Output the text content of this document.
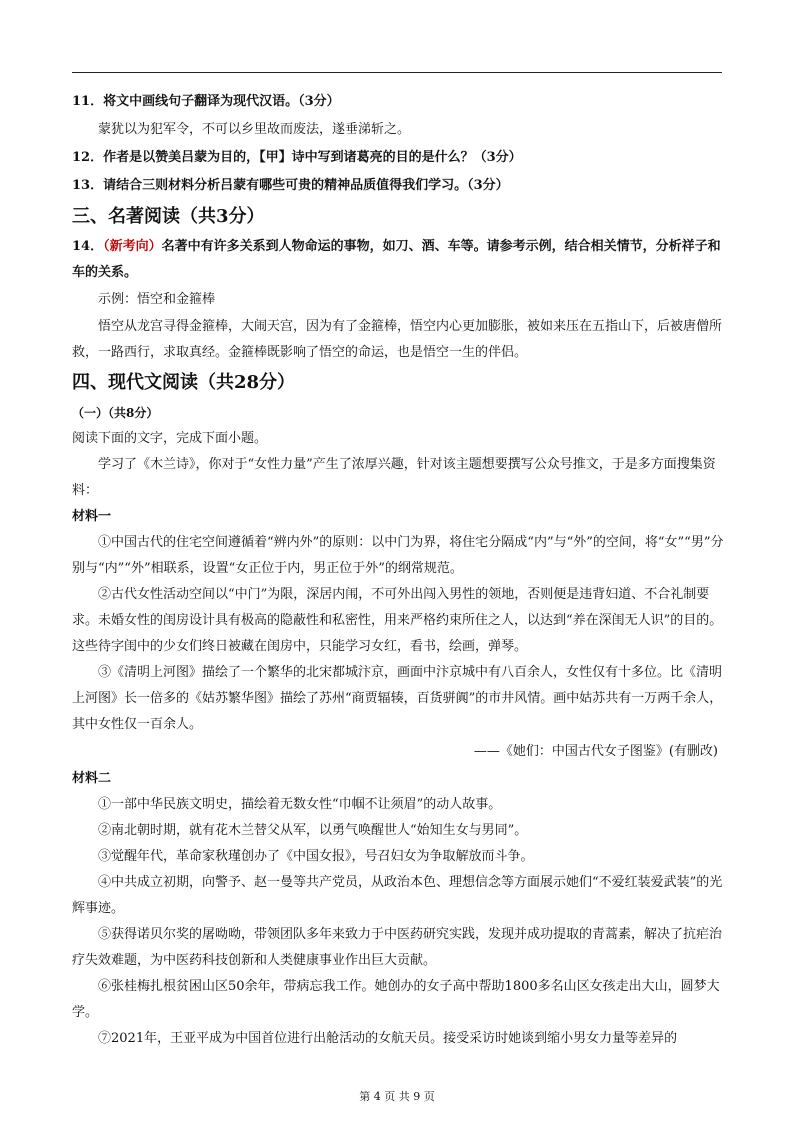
11．将文中画线句子翻译为现代汉语。（3分）

蒙犹以为犯军令，不可以乡里故而废法，遂垂涕斩之。

12．作者是以赞美吕蒙为目的，【甲】诗中写到诸葛亮的目的是什么？（3分）

13．请结合三则材料分析吕蒙有哪些可贵的精神品质值得我们学习。（3分）

三、名著阅读（共3分）

14．（新考向）名著中有许多关系到人物命运的事物，如刀、酒、车等。请参考示例，结合相关情节，分析祥子和车的关系。

示例：悟空和金箍棒

悟空从龙宫寻得金箍棒，大闹天宫，因为有了金箍棒，悟空内心更加膨胀，被如来压在五指山下，后被唐僧所救，一路西行，求取真经。金箍棒既影响了悟空的命运，也是悟空一生的伴侣。

四、现代文阅读（共28分）

（一）（共8分）

阅读下面的文字，完成下面小题。

学习了《木兰诗》，你对于“女性力量”产生了浓厚兴趣，针对该主题想要撰写公众号推文，于是多方面搜集资料：

材料一

①中国古代的住宅空间遵循着“辨内外”的原则：以中门为界，将住宅分隔成“内”与“外”的空间，将“女”“男”分别与“内”“外”相联系，设置“女正位于内，男正位于外”的纲常规范。

②古代女性活动空间以“中门”为限，深居内闱，不可外出闯入男性的领地，否则便是违背妇道、不合礼制要求。未婚女性的闺房设计具有极高的隐蔽性和私密性，用来严格约束所住之人，以达到“养在深闺无人识”的目的。这些待字闺中的少女们终日被藏在闺房中，只能学习女红，看书，绘画，弹琴。

③《清明上河图》描绘了一个繁华的北宋都城汴京，画面中汴京城中有八百余人，女性仅有十多位。比《清明上河图》长一倍多的《姑苏繁华图》描绘了苏州“商贾辐辏，百货骈阗”的市井风情。画中姑苏共有一万两千余人，其中女性仅一百余人。

——《她们：中国古代女子图鉴》(有删改)

材料二

①一部中华民族文明史，描绘着无数女性“巾帼不让须眉”的动人故事。

②南北朝时期，就有花木兰替父从军，以勇气唤醒世人“始知生女与男同”。

③觉醒年代，革命家秋瑾创办了《中国女报》，号召妇女为争取解放而斗争。

④中共成立初期，向警予、赵一曼等共产党员，从政治本色、理想信念等方面展示她们“不爱红装爱武装”的光辉事迹。

⑤获得诺贝尔奖的屠呦呦，带领团队多年来致力于中医药研究实践，发现并成功提取的青蒿素，解决了抗疟治疗失效难题，为中医药科技创新和人类健康事业作出巨大贡献。

⑥张桂梅扎根贫困山区50余年，带病忘我工作。她创办的女子高中帮助1800多名山区女孩走出大山，圆梦大学。

⑦2021年，王亚平成为中国首位进行出舱活动的女航天员。接受采访时她谈到缩小男女力量等差异的

第 4 页 共 9 页
